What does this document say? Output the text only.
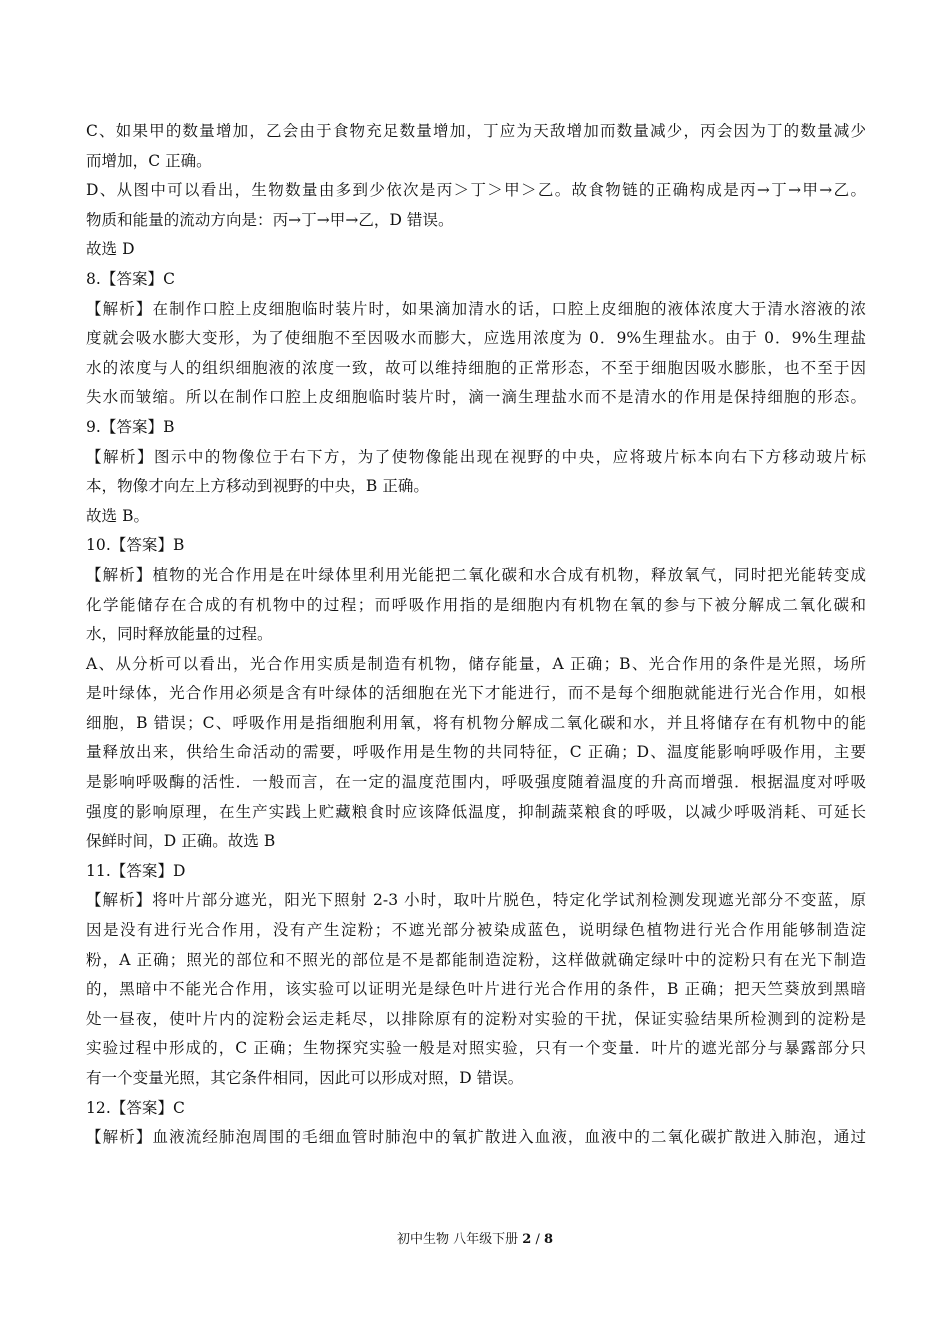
C、如果甲的数量增加，乙会由于食物充足数量增加，丁应为天敌增加而数量减少，丙会因为丁的数量减少
而增加，C 正确。
D、从图中可以看出，生物数量由多到少依次是丙＞丁＞甲＞乙。故食物链的正确构成是丙→丁→甲→乙。
物质和能量的流动方向是：丙→丁→甲→乙，D 错误。
故选 D
8.【答案】C
【解析】在制作口腔上皮细胞临时装片时，如果滴加清水的话，口腔上皮细胞的液体浓度大于清水溶液的浓
度就会吸水膨大变形，为了使细胞不至因吸水而膨大，应选用浓度为 0．9%生理盐水。由于 0．9%生理盐
水的浓度与人的组织细胞液的浓度一致，故可以维持细胞的正常形态，不至于细胞因吸水膨胀，也不至于因
失水而皱缩。所以在制作口腔上皮细胞临时装片时，滴一滴生理盐水而不是清水的作用是保持细胞的形态。
9.【答案】B
【解析】图示中的物像位于右下方，为了使物像能出现在视野的中央，应将玻片标本向右下方移动玻片标
本，物像才向左上方移动到视野的中央，B 正确。
故选 B。
10.【答案】B
【解析】植物的光合作用是在叶绿体里利用光能把二氧化碳和水合成有机物，释放氧气，同时把光能转变成
化学能储存在合成的有机物中的过程；而呼吸作用指的是细胞内有机物在氧的参与下被分解成二氧化碳和
水，同时释放能量的过程。
A、从分析可以看出，光合作用实质是制造有机物，储存能量，A 正确；B、光合作用的条件是光照，场所
是叶绿体，光合作用必须是含有叶绿体的活细胞在光下才能进行，而不是每个细胞就能进行光合作用，如根
细胞，B 错误；C、呼吸作用是指细胞利用氧，将有机物分解成二氧化碳和水，并且将储存在有机物中的能
量释放出来，供给生命活动的需要，呼吸作用是生物的共同特征，C 正确；D、温度能影响呼吸作用，主要
是影响呼吸酶的活性．一般而言，在一定的温度范围内，呼吸强度随着温度的升高而增强．根据温度对呼吸
强度的影响原理，在生产实践上贮藏粮食时应该降低温度，抑制蔬菜粮食的呼吸，以减少呼吸消耗、可延长
保鲜时间，D 正确。故选 B
11.【答案】D
【解析】将叶片部分遮光，阳光下照射 2-3 小时，取叶片脱色，特定化学试剂检测发现遮光部分不变蓝，原
因是没有进行光合作用，没有产生淀粉；不遮光部分被染成蓝色，说明绿色植物进行光合作用能够制造淀
粉，A 正确；照光的部位和不照光的部位是不是都能制造淀粉，这样做就确定绿叶中的淀粉只有在光下制造
的，黑暗中不能光合作用，该实验可以证明光是绿色叶片进行光合作用的条件，B 正确；把天竺葵放到黑暗
处一昼夜，使叶片内的淀粉会运走耗尽，以排除原有的淀粉对实验的干扰，保证实验结果所检测到的淀粉是
实验过程中形成的，C 正确；生物探究实验一般是对照实验，只有一个变量．叶片的遮光部分与暴露部分只
有一个变量光照，其它条件相同，因此可以形成对照，D 错误。
12.【答案】C
【解析】血液流经肺泡周围的毛细血管时肺泡中的氧扩散进入血液，血液中的二氧化碳扩散进入肺泡，通过
初中生物 八年级下册 2 / 8
